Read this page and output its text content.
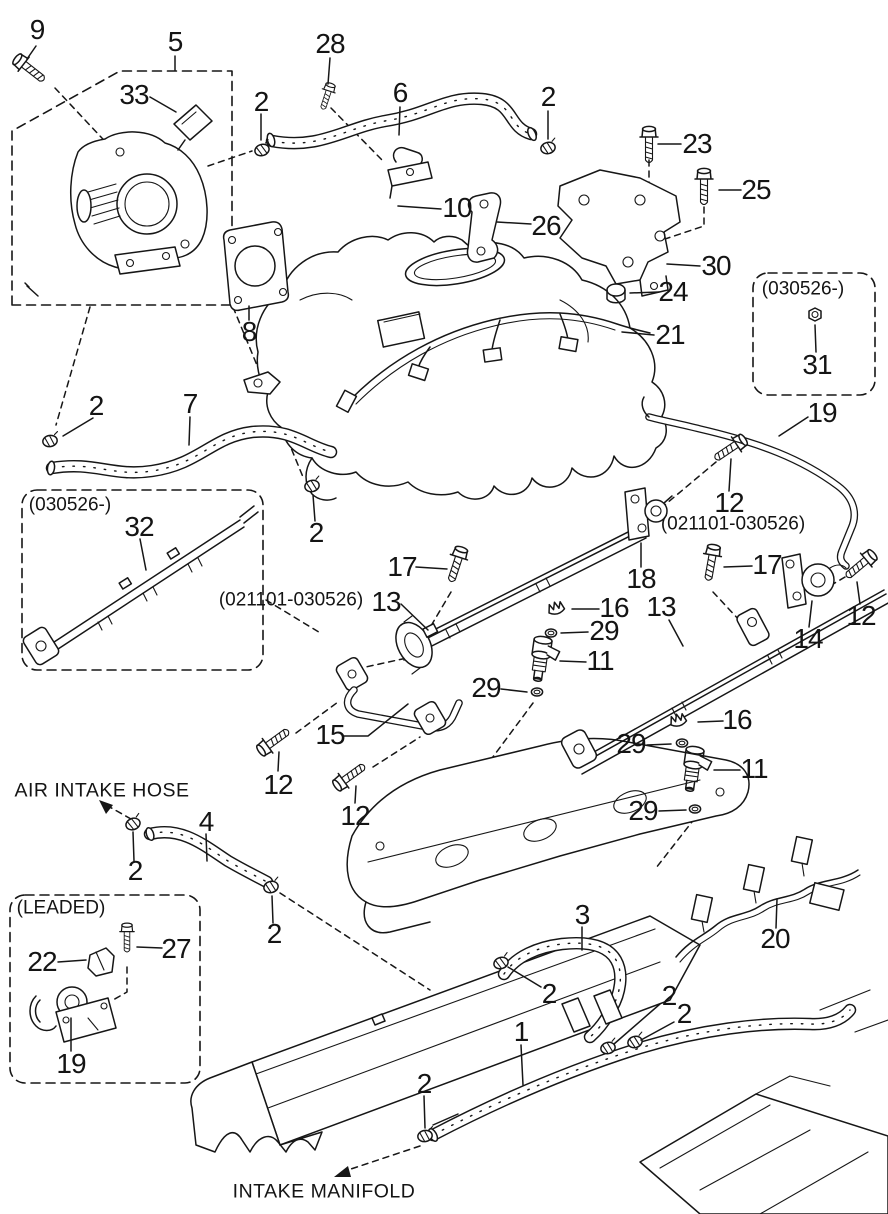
9	5
33
28
2	6	2
23
25
10
26
30
24
21
8
2	7	19
31
32	2
12
17
13	16
29
11
29
18
13
17
14
12
15
12
12
16
29
11
29
20
3
2
1
2
2
2
22	27
19
4
2
2
(030526-)
(030526-)
(021101-030526)
(021101-030526)
(LEADED)
AIR INTAKE HOSE
INTAKE MANIFOLD
